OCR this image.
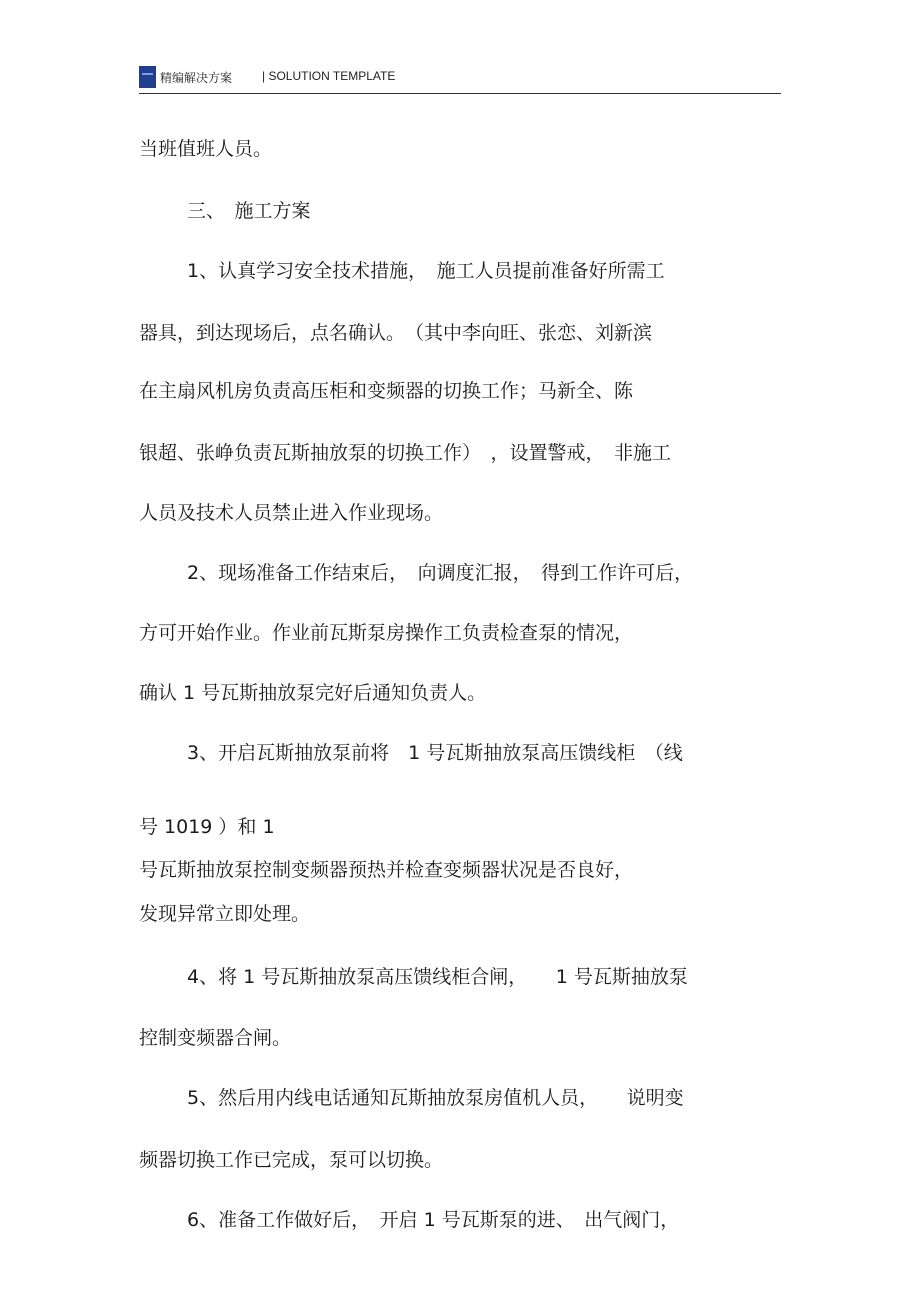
精编解决方案 | SOLUTION TEMPLATE
当班值班人员。
三、　施工方案
1、认真学习安全技术措施，　施工人员提前准备好所需工
器具，到达现场后，点名确认。　（其中李向旺、张恋、刘新滨
在主扇风机房负责高压柜和变频器的切换工作；马新全、陈
银超、张峥负责瓦斯抽放泵的切换工作）　，设置警戒，　非施工
人员及技术人员禁止进入作业现场。
2、现场准备工作结束后，　向调度汇报，　得到工作许可后，
方可开始作业。作业前瓦斯泵房操作工负责检查泵的情况，
确认 1 号瓦斯抽放泵完好后通知负责人。
3、开启瓦斯抽放泵前将　1 号瓦斯抽放泵高压馈线柜　（线
号 1019 ）和 1
号瓦斯抽放泵控制变频器预热并检查变频器状况是否良好，
发现异常立即处理。
4、将 1 号瓦斯抽放泵高压馈线柜合闸，　　1 号瓦斯抽放泵
控制变频器合闸。
5、然后用内线电话通知瓦斯抽放泵房值机人员，　　说明变
频器切换工作已完成，泵可以切换。
6、准备工作做好后，　开启 1 号瓦斯泵的进、　出气阀门，
